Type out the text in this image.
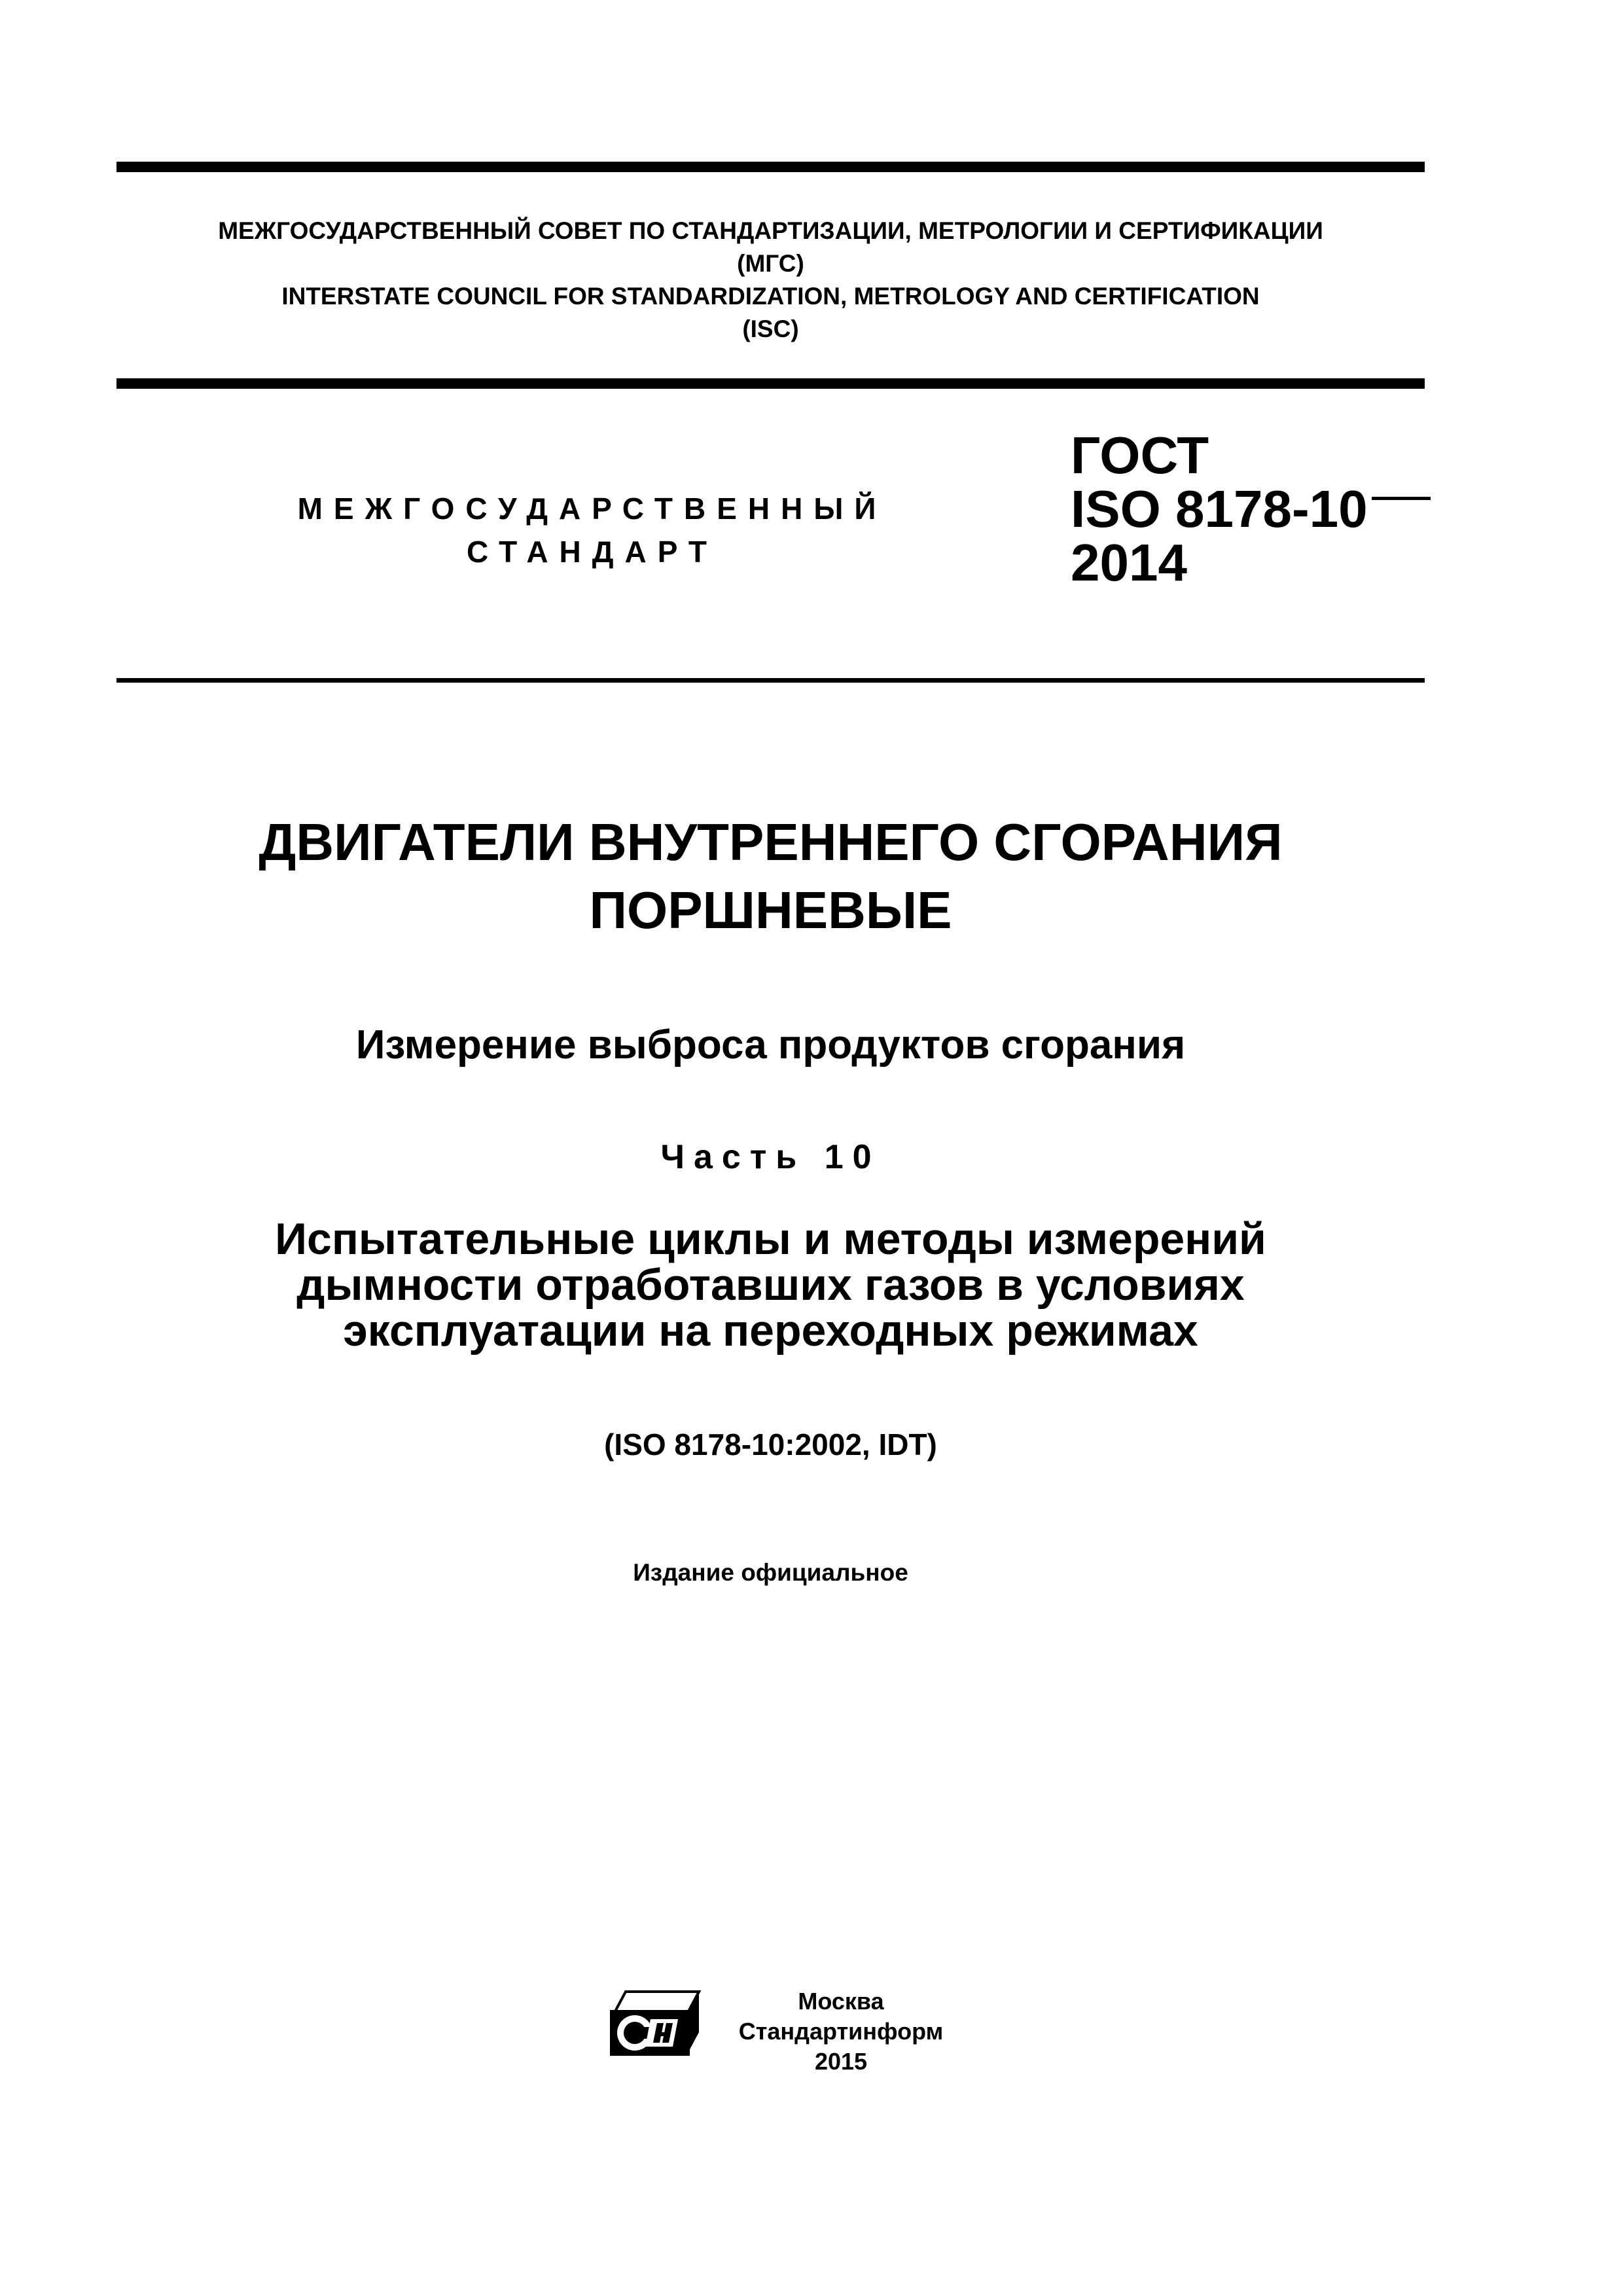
МЕЖГОСУДАРСТВЕННЫЙ СОВЕТ ПО СТАНДАРТИЗАЦИИ, МЕТРОЛОГИИ И СЕРТИФИКАЦИИ
(МГС)
INTERSTATE COUNCIL FOR STANDARDIZATION, METROLOGY AND CERTIFICATION
(ISC)
МЕЖГОСУДАРСТВЕННЫЙ
СТАНДАРТ
ГОСТ
ISO 8178-10
2014
ДВИГАТЕЛИ ВНУТРЕННЕГО СГОРАНИЯ
ПОРШНЕВЫЕ
Измерение выброса продуктов сгорания
Часть 10
Испытательные циклы и методы измерений
дымности отработавших газов в условиях
эксплуатации на переходных режимах
(ISO 8178-10:2002, IDT)
Издание официальное
Москва
Стандартинформ
2015
